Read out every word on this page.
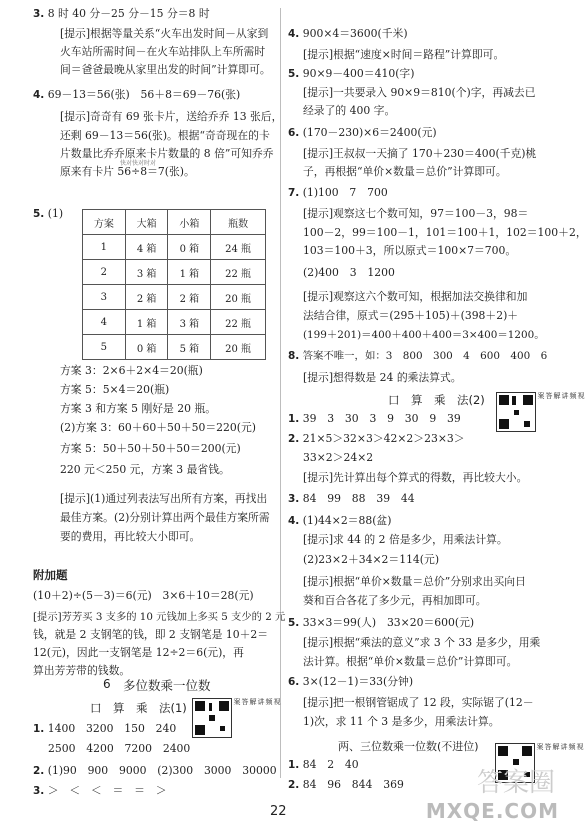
3. 8 时 40 分－25 分－15 分＝8 时
[提示]根据等量关系“火车出发时间－从家到
火车站所需时间－在火车站排队上车所需时
间＝爸爸最晚从家里出发的时间”计算即可。
4. 69－13＝56(张)　56＋8＝69－76(张)
[提示]奇奇有 69 张卡片，送给乔乔 13 张后，
还剩 69－13＝56(张)。根据“奇奇现在的卡
片数量比乔乔原来卡片数量的 8 倍”可知乔乔
原来有卡片 56÷8＝7(张)。
快对快对时对
5. (1)
方案	大箱	小箱	瓶数
1	4 箱	0 箱	24 瓶
2	3 箱	1 箱	22 瓶
3	2 箱	2 箱	20 瓶
4	1 箱	3 箱	22 瓶
5	0 箱	5 箱	20 瓶
方案 3：2×6＋2×4＝20(瓶)
方案 5：5×4＝20(瓶)
方案 3 和方案 5 刚好是 20 瓶。
(2)方案 3：60＋60＋50＋50＝220(元)
方案 5：50＋50＋50＋50＝200(元)
220 元＜250 元，方案 3 最省钱。
[提示](1)通过列表法写出所有方案，再找出
最佳方案。(2)分别计算出两个最佳方案所需
要的费用，再比较大小即可。
附加题
(10＋2)÷(5－3)＝6(元)　3×6＋10＝28(元)
[提示]芳芳买 3 支多的 10 元钱加上多买 5 支少的 2 元
钱，就是 2 支钢笔的钱，即 2 支钢笔是 10＋2＝
12(元)，因此一支钢笔是 12÷2＝6(元)，再
算出芳芳带的钱数。
6 多位数乘一位数
口　算　乘　法(1)	视频讲解答案
1. 1400　3200　150　240
2500　4200　7200　2400
2. (1)90　900　9000　(2)300　3000　30000
3. ＞　＜　＜　＝　＝　＞
4. 900×4＝3600(千米)
[提示]根据“速度×时间＝路程”计算即可。
5. 90×9－400＝410(字)
[提示]一共要录入 90×9＝810(个)字，再减去已
经录了的 400 字。
6. (170－230)×6＝2400(元)
[提示]王叔叔一天摘了 170＋230＝400(千克)桃
子，再根据“单价×数量＝总价”计算即可。
7. (1)100　7　700
[提示]观察这七个数可知，97＝100－3，98＝
100－2，99＝100－1，101＝100＋1，102＝100＋2，
103＝100＋3，所以原式＝100×7＝700。
(2)400　3　1200
[提示]观察这六个数可知，根据加法交换律和加
法结合律，原式＝(295＋105)＋(398＋2)＋
(199＋201)＝400＋400＋400＝3×400＝1200。
8. 答案不唯一，如：3　800　300　4　600　400　6
[提示]想得数是 24 的乘法算式。
口　算　乘　法(2)	视频讲解答案
1. 39　3　30　3　9　30　9　39
2. 21×5＞32×3＞42×2＞23×3＞
33×2＞24×2
[提示]先计算出每个算式的得数，再比较大小。
3. 84　99　88　39　44
4. (1)44×2＝88(盆)
[提示]求 44 的 2 倍是多少，用乘法计算。
(2)23×2＋34×2＝114(元)
[提示]根据“单价×数量＝总价”分别求出买向日
葵和百合各花了多少元，再相加即可。
5. 33×3＝99(人)　33×20＝600(元)
[提示]根据“乘法的意义”求 3 个 33 是多少，用乘
法计算。根据“单价×数量＝总价”计算即可。
6. 3×(12－1)＝33(分钟)
[提示]把一根钢管锯成了 12 段，实际锯了(12－
1)次，求 11 个 3 是多少，用乘法计算。
两、三位数乘一位数(不进位)
1. 84　2　40
2. 84　96　844　369
视频讲解答案
22
答案圈
MXQE.COM
